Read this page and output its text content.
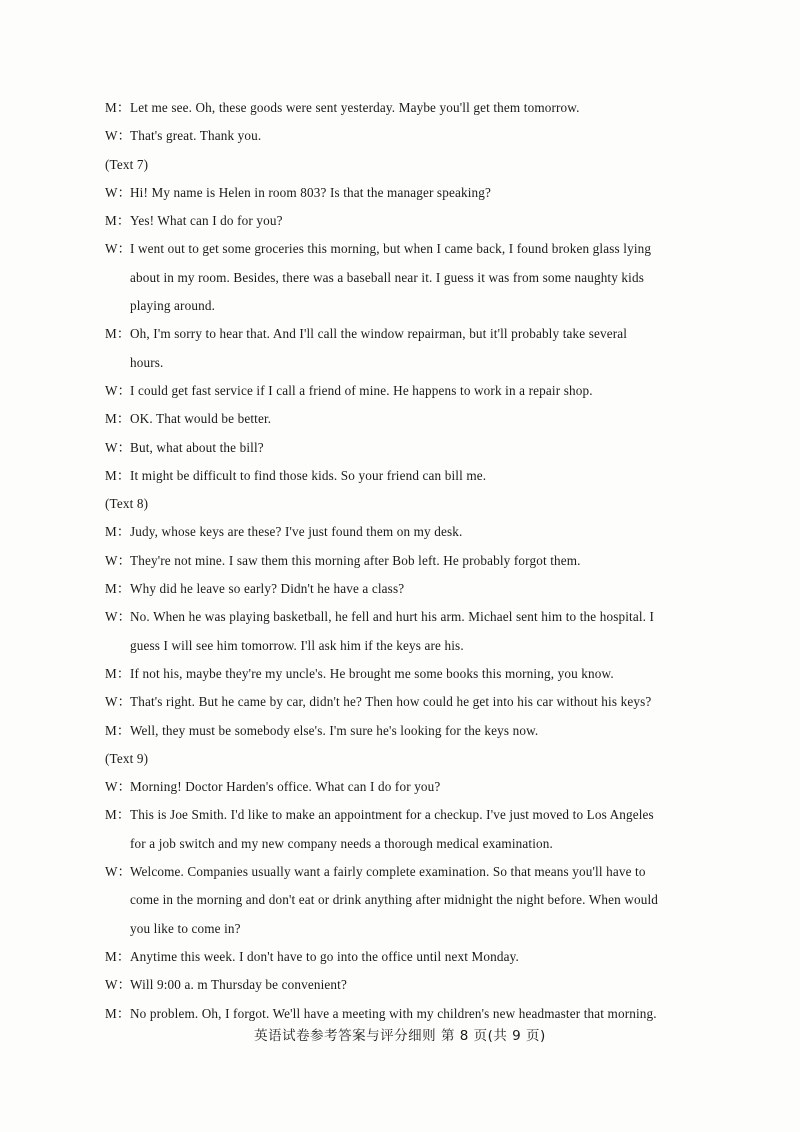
M： Let me see. Oh, these goods were sent yesterday. Maybe you'll get them tomorrow.
W： That's great. Thank you.
(Text 7)
W： Hi! My name is Helen in room 803? Is that the manager speaking?
M： Yes! What can I do for you?
W： I went out to get some groceries this morning, but when I came back, I found broken glass lying
about in my room. Besides, there was a baseball near it. I guess it was from some naughty kids
playing around.
M： Oh, I'm sorry to hear that. And I'll call the window repairman, but it'll probably take several
hours.
W： I could get fast service if I call a friend of mine. He happens to work in a repair shop.
M： OK. That would be better.
W： But, what about the bill?
M： It might be difficult to find those kids. So your friend can bill me.
(Text 8)
M： Judy, whose keys are these? I've just found them on my desk.
W： They're not mine. I saw them this morning after Bob left. He probably forgot them.
M： Why did he leave so early? Didn't he have a class?
W： No. When he was playing basketball, he fell and hurt his arm. Michael sent him to the hospital. I
guess I will see him tomorrow. I'll ask him if the keys are his.
M： If not his, maybe they're my uncle's. He brought me some books this morning, you know.
W： That's right. But he came by car, didn't he? Then how could he get into his car without his keys?
M： Well, they must be somebody else's. I'm sure he's looking for the keys now.
(Text 9)
W： Morning! Doctor Harden's office. What can I do for you?
M： This is Joe Smith. I'd like to make an appointment for a checkup. I've just moved to Los Angeles
for a job switch and my new company needs a thorough medical examination.
W： Welcome. Companies usually want a fairly complete examination. So that means you'll have to
come in the morning and don't eat or drink anything after midnight the night before. When would
you like to come in?
M： Anytime this week. I don't have to go into the office until next Monday.
W： Will 9:00 a. m Thursday be convenient?
M： No problem. Oh, I forgot. We'll have a meeting with my children's new headmaster that morning.
英语试卷参考答案与评分细则 第 8 页(共 9 页)
